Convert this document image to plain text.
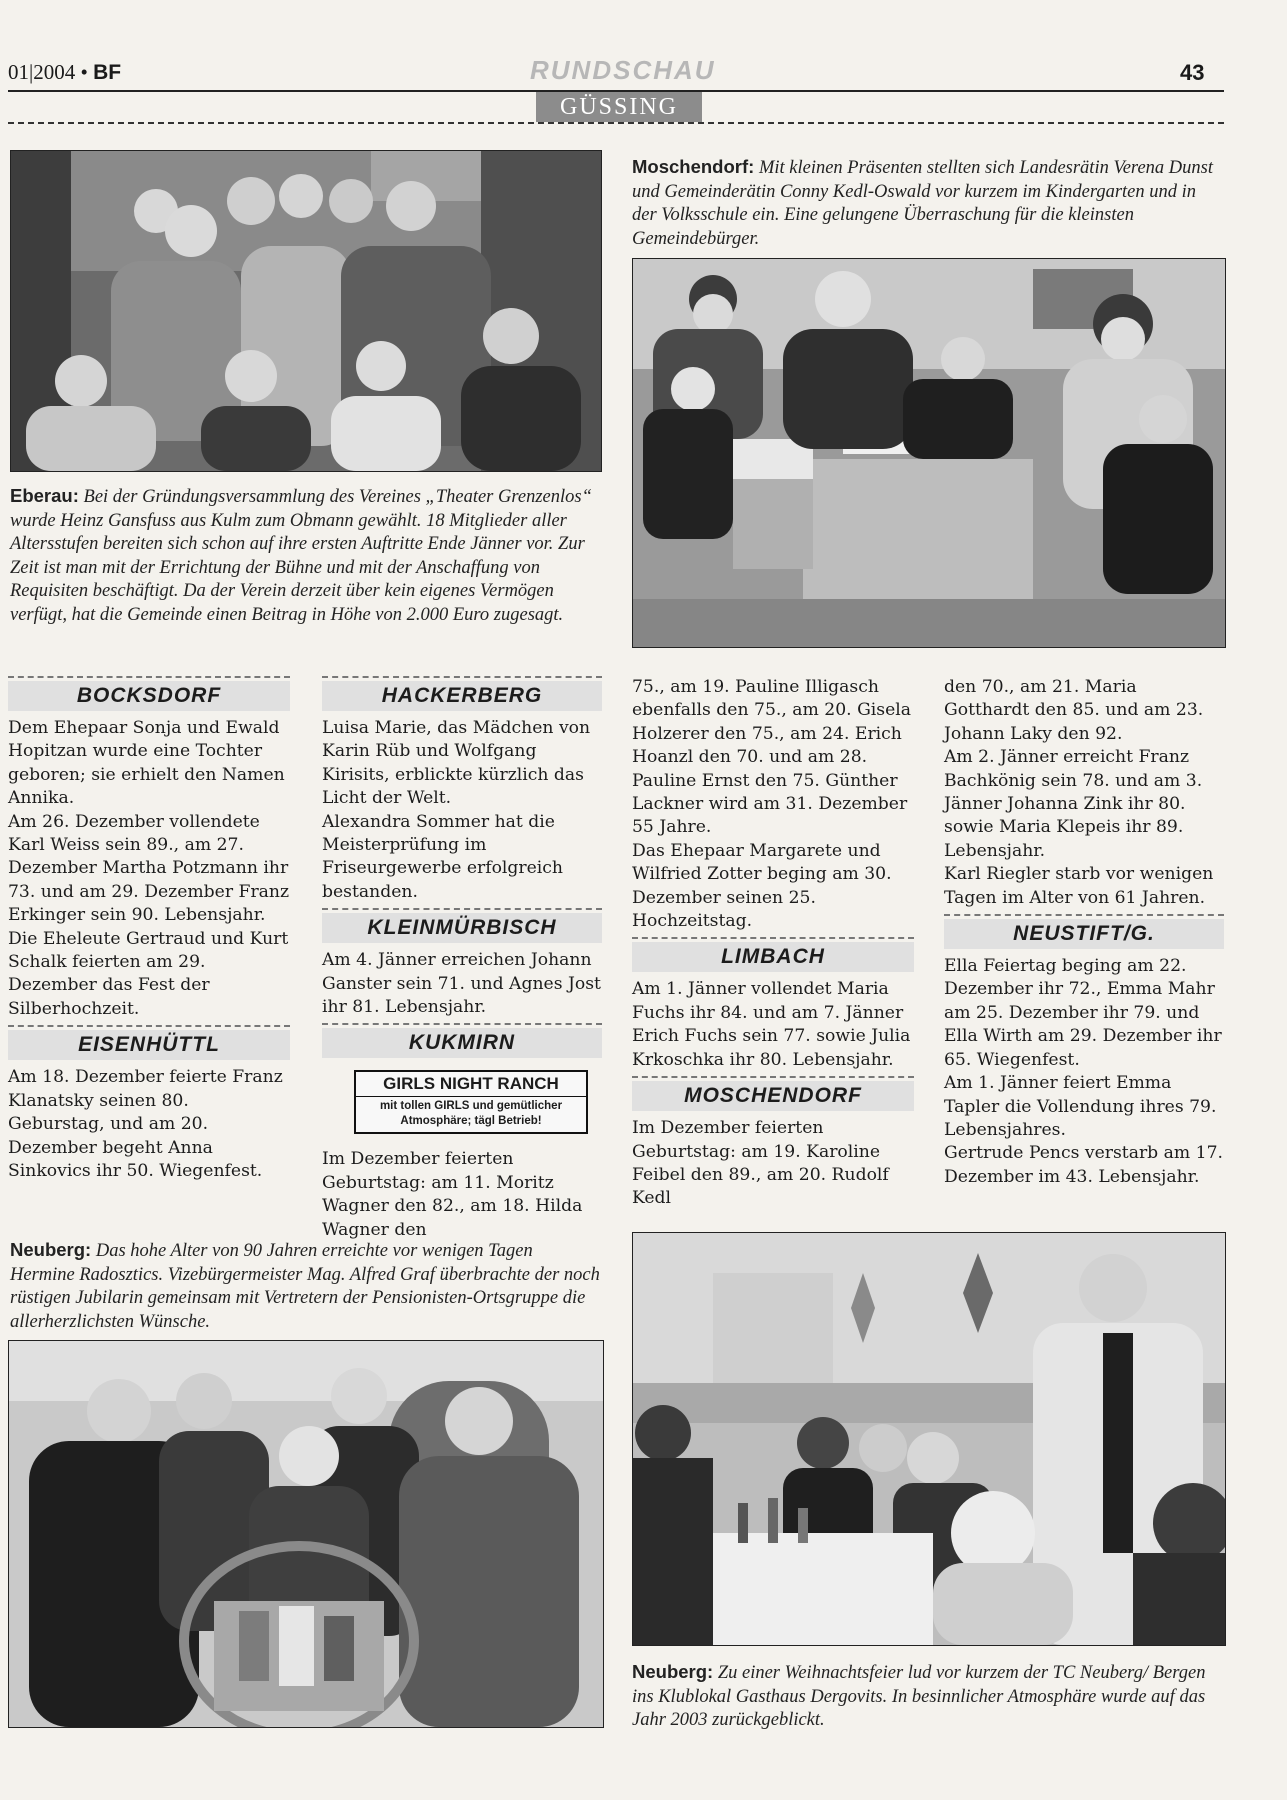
01|2004 • BF	RUNDSCHAU	43
GÜSSING

Eberau: Bei der Gründungsversammlung des Vereines „Theater Grenzenlos“ wurde Heinz Gansfuss aus Kulm zum Obmann gewählt. 18 Mitglieder aller Altersstufen bereiten sich schon auf ihre ersten Auftritte Ende Jänner vor. Zur Zeit ist man mit der Errichtung der Bühne und mit der Anschaffung von Requisiten beschäftigt. Da der Verein derzeit über kein eigenes Vermögen verfügt, hat die Gemeinde einen Beitrag in Höhe von 2.000 Euro zugesagt.

Moschendorf: Mit kleinen Präsenten stellten sich Landesrätin Verena Dunst und Gemeinderätin Conny Kedl-Oswald vor kurzem im Kindergarten und in der Volksschule ein. Eine gelungene Überraschung für die kleinsten Gemeindebürger.

BOCKSDORF

Dem Ehepaar Sonja und Ewald Hopitzan wurde eine Tochter geboren; sie erhielt den Namen Annika.

Am 26. Dezember vollendete Karl Weiss sein 89., am 27. Dezember Martha Potzmann ihr 73. und am 29. Dezember Franz Erkinger sein 90. Lebensjahr.

Die Eheleute Gertraud und Kurt Schalk feierten am 29. Dezember das Fest der Silberhochzeit.

EISENHÜTTL

Am 18. Dezember feierte Franz Klanatsky seinen 80. Geburstag, und am 20. Dezember begeht Anna Sinkovics ihr 50. Wiegenfest.

HACKERBERG

Luisa Marie, das Mädchen von Karin Rüb und Wolfgang Kirisits, erblickte kürzlich das Licht der Welt.

Alexandra Sommer hat die Meisterprüfung im Friseurgewerbe erfolgreich bestanden.

KLEINMÜRBISCH

Am 4. Jänner erreichen Johann Ganster sein 71. und Agnes Jost ihr 81. Lebensjahr.

KUKMIRN
GIRLS NIGHT RANCH
mit tollen GIRLS und gemütlicher Atmosphäre; tägl Betrieb!

Im Dezember feierten Geburtstag: am 11. Moritz Wagner den 82., am 18. Hilda Wagner den

75., am 19. Pauline Illigasch ebenfalls den 75., am 20. Gisela Holzerer den 75., am 24. Erich Hoanzl den 70. und am 28. Pauline Ernst den 75. Günther Lackner wird am 31. Dezember 55 Jahre.

Das Ehepaar Margarete und Wilfried Zotter beging am 30. Dezember seinen 25. Hochzeitstag.

LIMBACH

Am 1. Jänner vollendet Maria Fuchs ihr 84. und am 7. Jänner Erich Fuchs sein 77. sowie Julia Krkoschka ihr 80. Lebensjahr.

MOSCHENDORF

Im Dezember feierten Geburtstag: am 19. Karoline Feibel den 89., am 20. Rudolf Kedl

den 70., am 21. Maria Gotthardt den 85. und am 23. Johann Laky den 92.

Am 2. Jänner erreicht Franz Bachkönig sein 78. und am 3. Jänner Johanna Zink ihr 80. sowie Maria Klepeis ihr 89. Lebensjahr.

Karl Riegler starb vor wenigen Tagen im Alter von 61 Jahren.

NEUSTIFT/G.

Ella Feiertag beging am 22. Dezember ihr 72., Emma Mahr am 25. Dezember ihr 79. und Ella Wirth am 29. Dezember ihr 65. Wiegenfest.

Am 1. Jänner feiert Emma Tapler die Vollendung ihres 79. Lebensjahres.

Gertrude Pencs verstarb am 17. Dezember im 43. Lebensjahr.

Neuberg: Das hohe Alter von 90 Jahren erreichte vor wenigen Tagen Hermine Radosztics. Vizebürgermeister Mag. Alfred Graf überbrachte der noch rüstigen Jubilarin gemeinsam mit Vertretern der Pensionisten-Ortsgruppe die allerherzlichsten Wünsche.

Neuberg: Zu einer Weihnachtsfeier lud vor kurzem der TC Neuberg/ Bergen ins Klublokal Gasthaus Dergovits. In besinnlicher Atmosphäre wurde auf das Jahr 2003 zurückgeblickt.
